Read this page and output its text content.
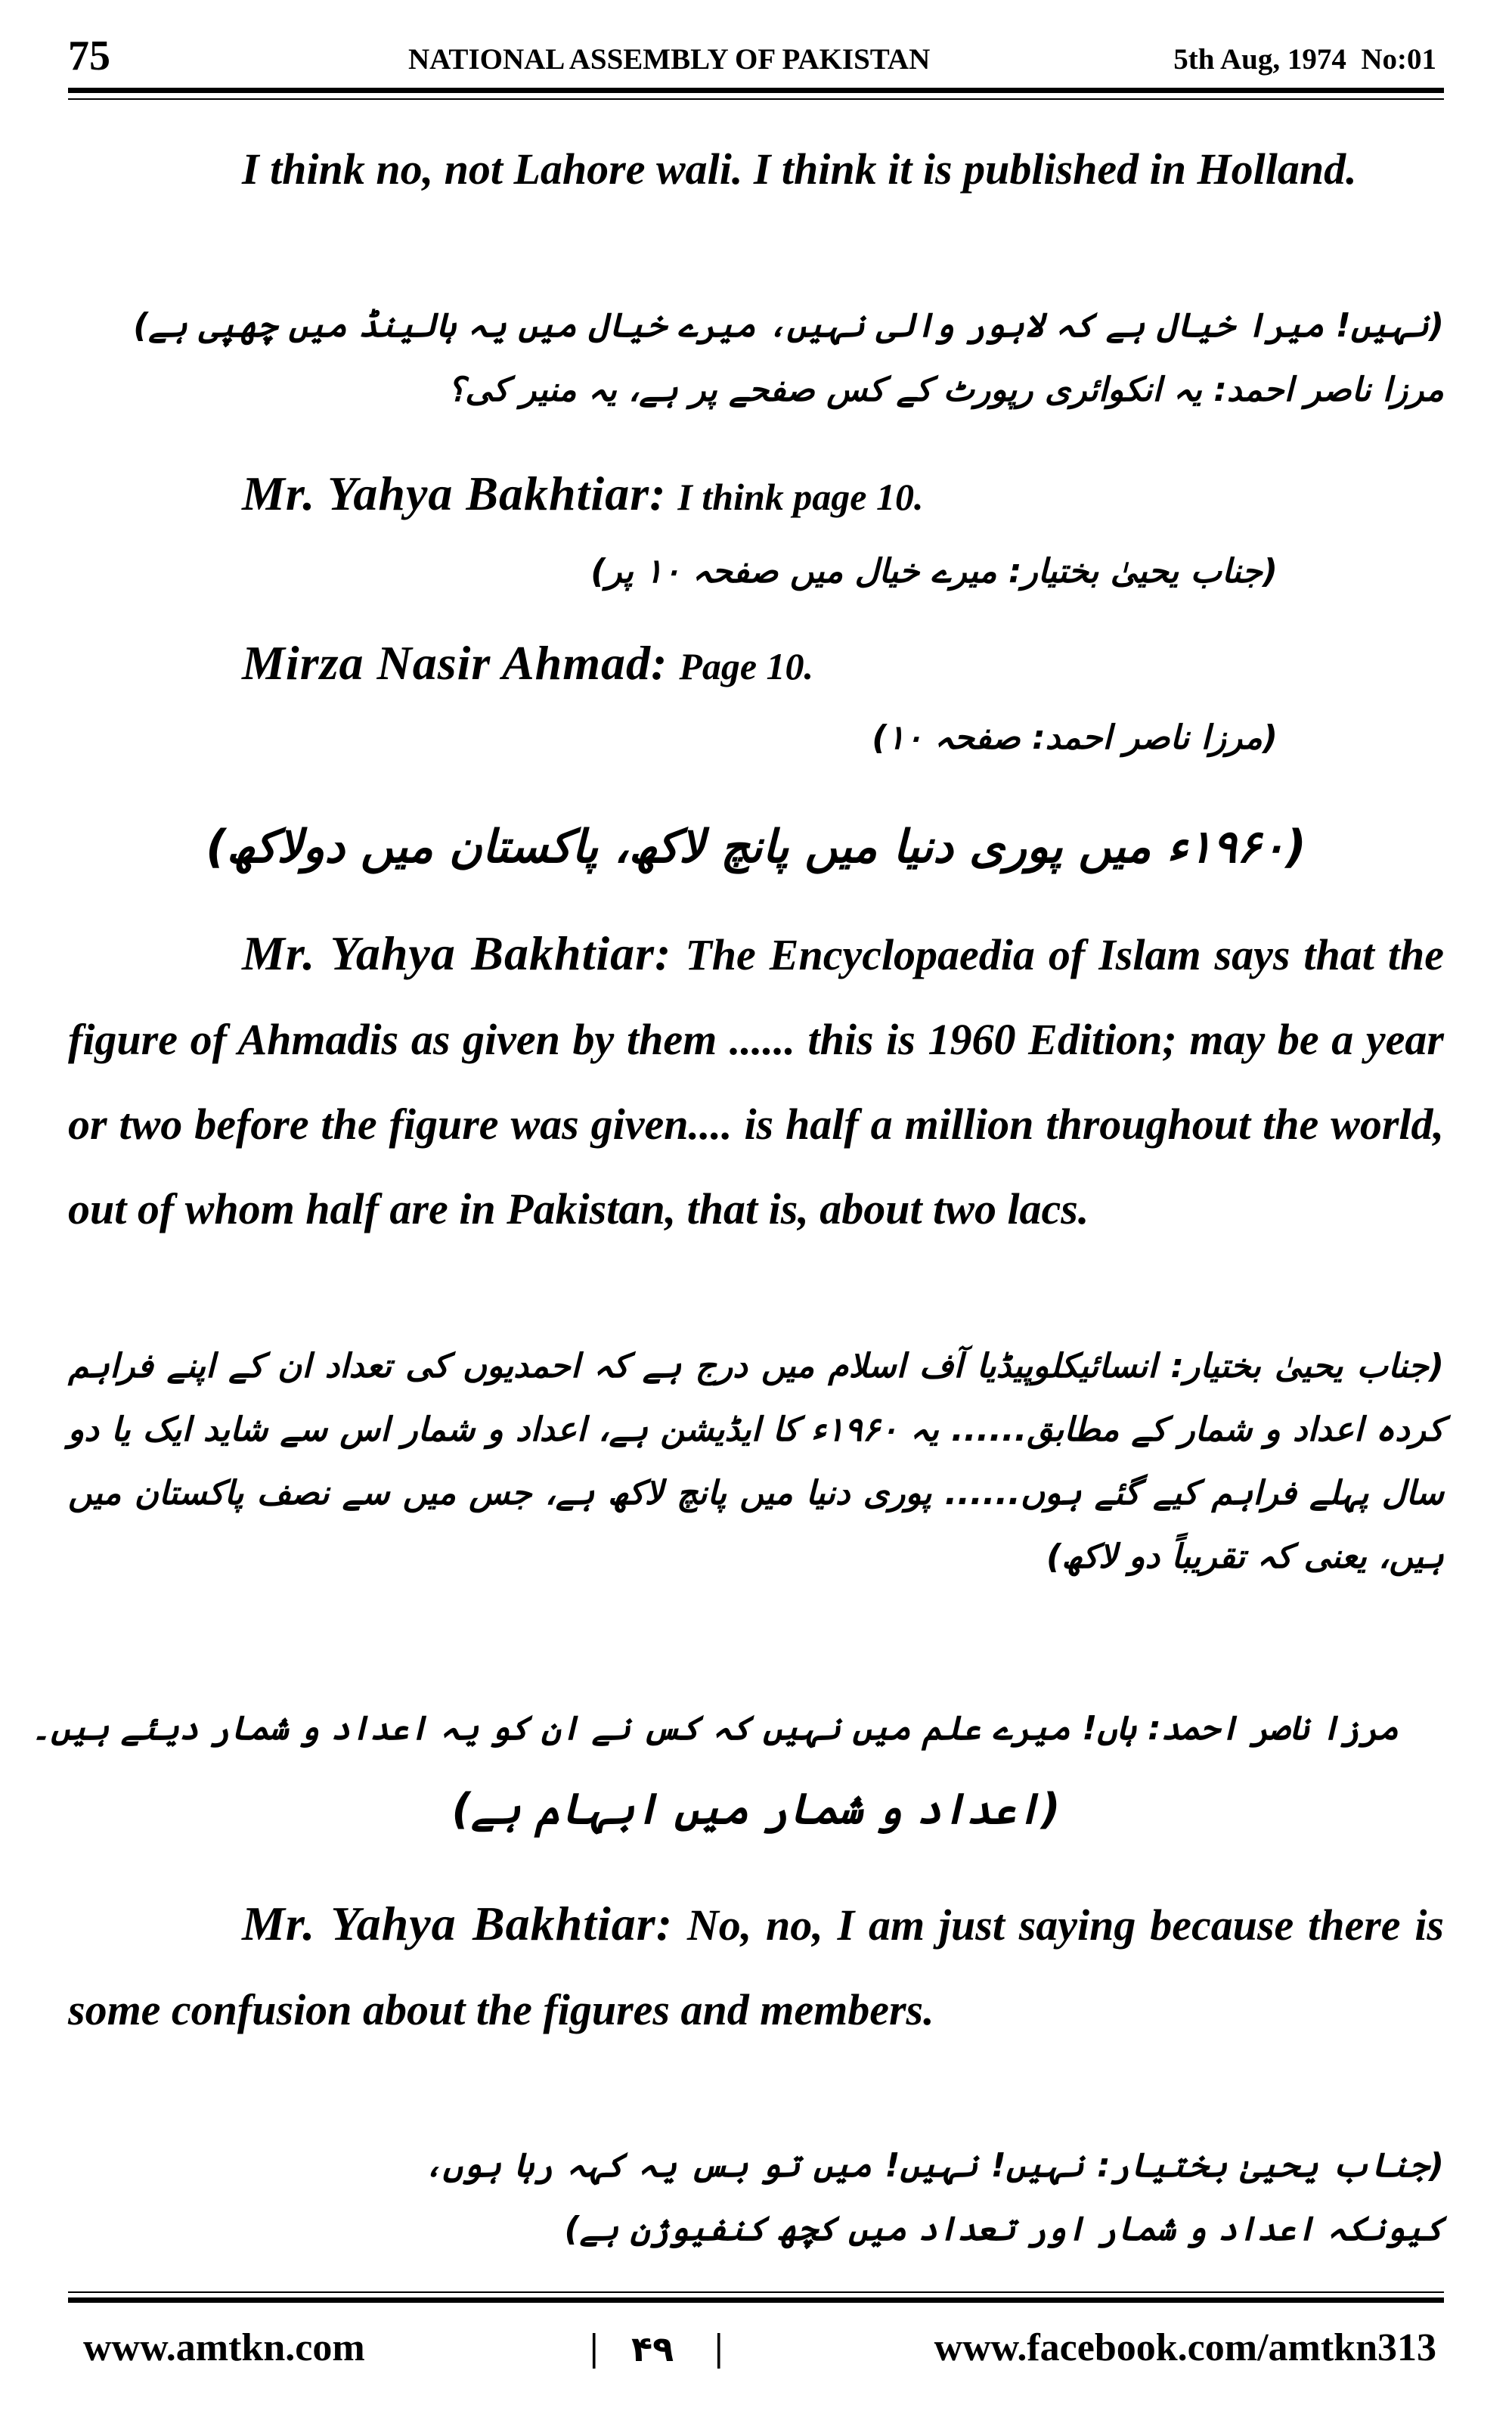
75	NATIONAL ASSEMBLY OF PAKISTAN	5th Aug, 1974 No:01
I think no, not Lahore wali. I think it is published in Holland.
(نہیں! میرا خیال ہے کہ لاہور والی نہیں، میرے خیال میں یہ ہالینڈ میں چھپی ہے)
مرزا ناصر احمد: یہ انکوائری رپورٹ کے کس صفحے پر ہے، یہ منیر کی؟
Mr. Yahya Bakhtiar: I think page 10.
(جناب یحییٰ بختیار: میرے خیال میں صفحہ ۱۰ پر)
Mirza Nasir Ahmad: Page 10.
(مرزا ناصر احمد: صفحہ ۱۰)
(۱۹۶۰ء میں پوری دنیا میں پانچ لاکھ، پاکستان میں دولاکھ)
Mr. Yahya Bakhtiar: The Encyclopaedia of Islam says that the figure of Ahmadis as given by them ...... this is 1960 Edition; may be a year or two before the figure was given.... is half a million throughout the world, out of whom half are in Pakistan, that is, about two lacs.
(جناب یحییٰ بختیار: انسائیکلوپیڈیا آف اسلام میں درج ہے کہ احمدیوں کی تعداد ان کے اپنے فراہم کردہ اعداد و شمار کے مطابق...... یہ ۱۹۶۰ء کا ایڈیشن ہے، اعداد و شمار اس سے شاید ایک یا دو سال پہلے فراہم کیے گئے ہوں...... پوری دنیا میں پانچ لاکھ ہے، جس میں سے نصف پاکستان میں ہیں، یعنی کہ تقریباً دو لاکھ)
مرزا ناصر احمد: ہاں! میرے علم میں نہیں کہ کس نے ان کو یہ اعداد و شمار دیئے ہیں۔
(اعداد و شمار میں ابہام ہے)
Mr. Yahya Bakhtiar: No, no, I am just saying because there is some confusion about the figures and members.
(جناب یحییٰ بختیار: نہیں! نہیں! میں تو بس یہ کہہ رہا ہوں، کیونکہ اعداد و شمار اور تعداد میں کچھ کنفیوژن ہے)
www.amtkn.com	| ۴۹ |	www.facebook.com/amtkn313
